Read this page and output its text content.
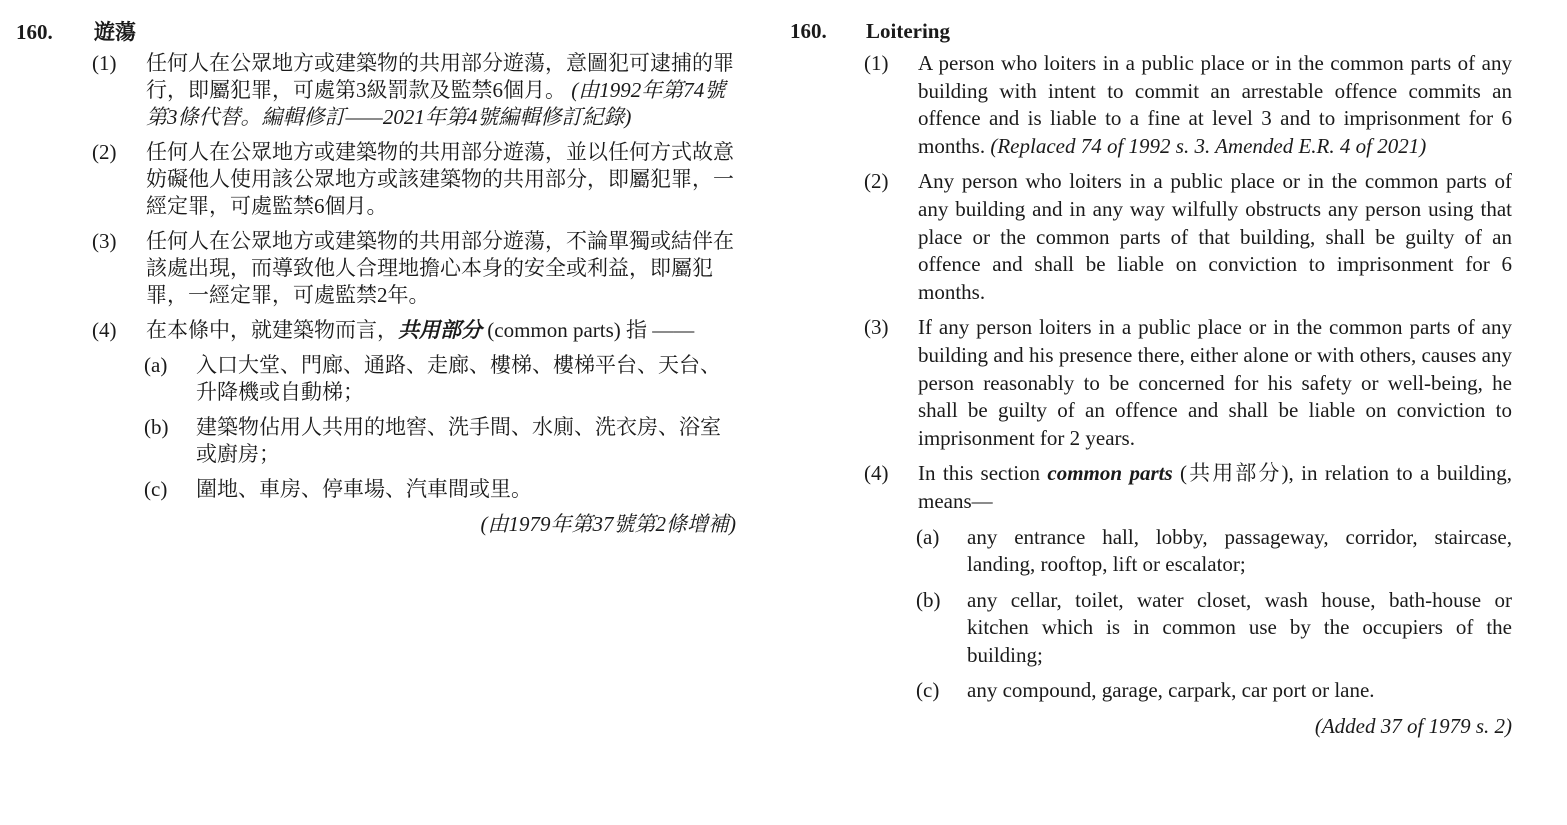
160.	遊蕩
(1)	任何人在公眾地方或建築物的共用部分遊蕩，意圖犯可逮捕的罪行，即屬犯罪，可處第3級罰款及監禁6個月。 (由1992年第74號第3條代替。編輯修訂——2021年第4號編輯修訂紀錄)
(2)	任何人在公眾地方或建築物的共用部分遊蕩，並以任何方式故意妨礙他人使用該公眾地方或該建築物的共用部分，即屬犯罪，一經定罪，可處監禁6個月。
(3)	任何人在公眾地方或建築物的共用部分遊蕩，不論單獨或結伴在該處出現，而導致他人合理地擔心本身的安全或利益，即屬犯罪，一經定罪，可處監禁2年。
(4)	在本條中，就建築物而言，共用部分 (common parts) 指 ——
(a)	入口大堂、門廊、通路、走廊、樓梯、樓梯平台、天台、升降機或自動梯；
(b)	建築物佔用人共用的地窖、洗手間、水廁、洗衣房、浴室或廚房；
(c)	圍地、車房、停車場、汽車間或里。
(由1979年第37號第2條增補)
160.	Loitering
(1)	A person who loiters in a public place or in the common parts of any building with intent to commit an arrestable offence commits an offence and is liable to a fine at level 3 and to imprisonment for 6 months. (Replaced 74 of 1992 s. 3. Amended E.R. 4 of 2021)
(2)	Any person who loiters in a public place or in the common parts of any building and in any way wilfully obstructs any person using that place or the common parts of that building, shall be guilty of an offence and shall be liable on conviction to imprisonment for 6 months.
(3)	If any person loiters in a public place or in the common parts of any building and his presence there, either alone or with others, causes any person reasonably to be concerned for his safety or well-being, he shall be guilty of an offence and shall be liable on conviction to imprisonment for 2 years.
(4)	In this section common parts (共用部分), in relation to a building, means—
(a)	any entrance hall, lobby, passageway, corridor, staircase, landing, rooftop, lift or escalator;
(b)	any cellar, toilet, water closet, wash house, bath-house or kitchen which is in common use by the occupiers of the building;
(c)	any compound, garage, carpark, car port or lane.
(Added 37 of 1979 s. 2)
